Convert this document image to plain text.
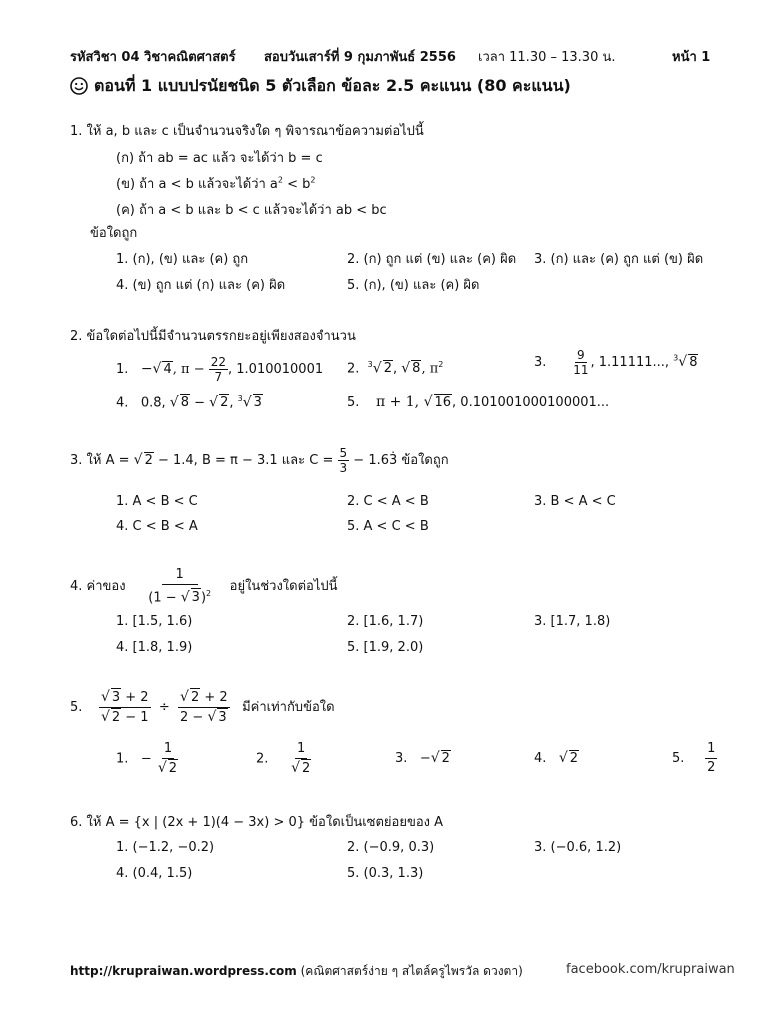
รหัสวิชา 04 วิชาคณิตศาสตร์ สอบวันเสาร์ที่ 9 กุมภาพันธ์ 2556 เวลา 11.30 – 13.30 น.	หน้า 1
ตอนที่ 1 แบบปรนัยชนิด 5 ตัวเลือก ข้อละ 2.5 คะแนน (80 คะแนน)
1. ให้ a, b และ c เป็นจำนวนจริงใด ๆ พิจารณาข้อความต่อไปนี้
(ก) ถ้า ab = ac แล้ว จะได้ว่า b = c
(ข) ถ้า a < b แล้วจะได้ว่า $a^2 < b^2$
(ค) ถ้า a < b และ b < c แล้วจะได้ว่า ab < bc
ข้อใดถูก
1. (ก), (ข) และ (ค) ถูก	2. (ก) ถูก แต่ (ข) และ (ค) ผิด 3. (ก) และ (ค) ถูก แต่ (ข) ผิด
4. (ข) ถูก แต่ (ก) และ (ค) ผิด	5. (ก), (ข) และ (ค) ผิด
2. ข้อใดต่อไปนี้มีจำนวนตรรกยะอยู่เพียงสองจำนวน
1. −√ 4, $\pi - \frac{22}{7}$ , 1.010010001 2. $^3$√ 2, √ 8, $\pi^2$	3. $\frac{9}{11}$ , 1.11111..., $^3$√ 8
4. 0.8̇, √ 8 − √ 2, $^3$√ 3	5. π + 1, √ 16, 0.101001000100001...
3. ให้ A = √ 2 − 1.4, B = π − 3.1 และ $C = \frac{5}{3}$ − 1.63̇ ข้อใดถูก
1. A < B < C	2. C < A < B	3. B < A < C
4. C < B < A	5. A < C < B
4. ค่าของ $\frac{1}{(1 - √ 3)^2}$ อยู่ในช่วงใดต่อไปนี้
1. [1.5, 1.6)	2. [1.6, 1.7)	3. [1.7, 1.8)
4. [1.8, 1.9)	5. [1.9, 2.0)
5. $\frac{√ 3 + 2}{√ 2 - 1} \div \frac{√ 2 + 2}{2 - √ 3}$ มีค่าเท่ากับข้อใด
1. − $\frac{1}{√ 2}$	2. $\frac{1}{√ 2}$	3. −√ 2	4. √ 2	5. $\frac{1}{2}$
6. ให้ A = {x | (2x + 1)(4 − 3x) > 0} ข้อใดเป็นเซตย่อยของ A
1. (−1.2, −0.2)	2. (−0.9, 0.3)	3. (−0.6, 1.2)
4. (0.4, 1.5)	5. (0.3, 1.3)
http://krupraiwan.wordpress.com (คณิตศาสตร์ง่าย ๆ สไตล์ครูไพรวัล ดวงตา)	facebook.com/krupraiwan
